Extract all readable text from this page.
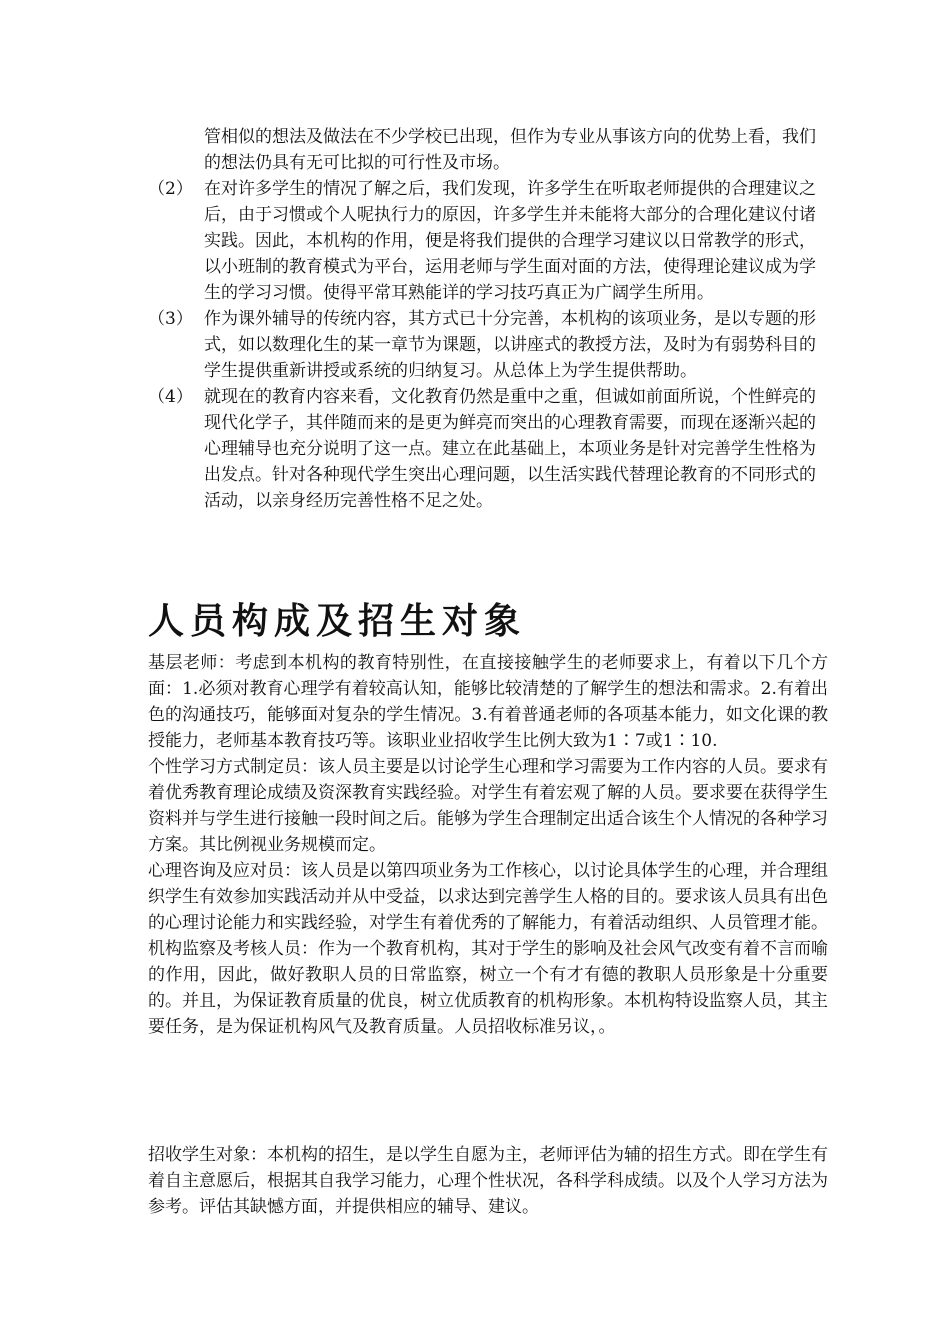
管相似的想法及做法在不少学校已出现，但作为专业从事该方向的优势上看，我们的想法仍具有无可比拟的可行性及市场。

（2） 在对许多学生的情况了解之后，我们发现，许多学生在听取老师提供的合理建议之后，由于习惯或个人呢执行力的原因，许多学生并未能将大部分的合理化建议付诸实践。因此，本机构的作用，便是将我们提供的合理学习建议以日常教学的形式，以小班制的教育模式为平台，运用老师与学生面对面的方法，使得理论建议成为学生的学习习惯。使得平常耳熟能详的学习技巧真正为广阔学生所用。

（3） 作为课外辅导的传统内容，其方式已十分完善，本机构的该项业务，是以专题的形式，如以数理化生的某一章节为课题，以讲座式的教授方法，及时为有弱势科目的学生提供重新讲授或系统的归纳复习。从总体上为学生提供帮助。

（4） 就现在的教育内容来看，文化教育仍然是重中之重，但诚如前面所说，个性鲜亮的现代化学子，其伴随而来的是更为鲜亮而突出的心理教育需要，而现在逐渐兴起的心理辅导也充分说明了这一点。建立在此基础上，本项业务是针对完善学生性格为出发点。针对各种现代学生突出心理问题，以生活实践代替理论教育的不同形式的活动，以亲身经历完善性格不足之处。

人员构成及招生对象

基层老师：考虑到本机构的教育特别性，在直接接触学生的老师要求上，有着以下几个方面：1.必须对教育心理学有着较高认知，能够比较清楚的了解学生的想法和需求。2.有着出色的沟通技巧，能够面对复杂的学生情况。3.有着普通老师的各项基本能力，如文化课的教授能力，老师基本教育技巧等。该职业业招收学生比例大致为1∶7或1∶10.

个性学习方式制定员：该人员主要是以讨论学生心理和学习需要为工作内容的人员。要求有着优秀教育理论成绩及资深教育实践经验。对学生有着宏观了解的人员。要求要在获得学生资料并与学生进行接触一段时间之后。能够为学生合理制定出适合该生个人情况的各种学习方案。其比例视业务规模而定。

心理咨询及应对员：该人员是以第四项业务为工作核心，以讨论具体学生的心理，并合理组织学生有效参加实践活动并从中受益，以求达到完善学生人格的目的。要求该人员具有出色的心理讨论能力和实践经验，对学生有着优秀的了解能力，有着活动组织、人员管理才能。

机构监察及考核人员：作为一个教育机构，其对于学生的影响及社会风气改变有着不言而喻的作用，因此，做好教职人员的日常监察，树立一个有才有德的教职人员形象是十分重要的。并且，为保证教育质量的优良，树立优质教育的机构形象。本机构特设监察人员，其主要任务，是为保证机构风气及教育质量。人员招收标准另议，。

招收学生对象：本机构的招生，是以学生自愿为主，老师评估为辅的招生方式。即在学生有着自主意愿后，根据其自我学习能力，心理个性状况，各科学科成绩。以及个人学习方法为参考。评估其缺憾方面，并提供相应的辅导、建议。
